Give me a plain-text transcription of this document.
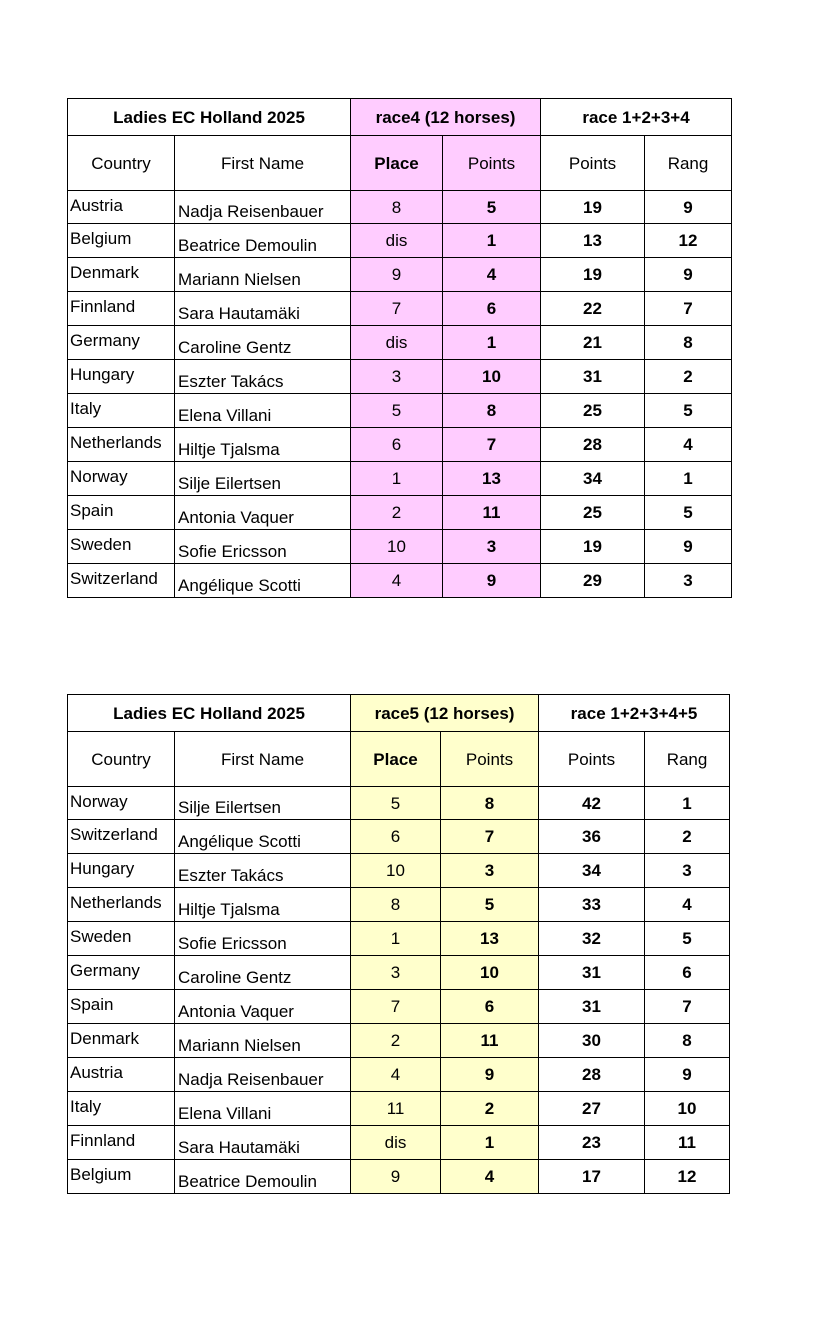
Ladies EC Holland 2025		race4 (12 horses)		race 1+2+3+4	
Country	First Name	Place	Points	Points	Rang
Austria	Nadja Reisenbauer	8	5	19	9
Belgium	Beatrice Demoulin	dis	1	13	12
Denmark	Mariann Nielsen	9	4	19	9
Finnland	Sara Hautamäki	7	6	22	7
Germany	Caroline Gentz	dis	1	21	8
Hungary	Eszter Takács	3	10	31	2
Italy	Elena Villani	5	8	25	5
Netherlands	Hiltje Tjalsma	6	7	28	4
Norway	Silje Eilertsen	1	13	34	1
Spain	Antonia Vaquer	2	11	25	5
Sweden	Sofie Ericsson	10	3	19	9
Switzerland	Angélique Scotti	4	9	29	3
Ladies EC Holland 2025		race5 (12 horses)		race 1+2+3+4+5	
Country	First Name	Place	Points	Points	Rang
Norway	Silje Eilertsen	5	8	42	1
Switzerland	Angélique Scotti	6	7	36	2
Hungary	Eszter Takács	10	3	34	3
Netherlands	Hiltje Tjalsma	8	5	33	4
Sweden	Sofie Ericsson	1	13	32	5
Germany	Caroline Gentz	3	10	31	6
Spain	Antonia Vaquer	7	6	31	7
Denmark	Mariann Nielsen	2	11	30	8
Austria	Nadja Reisenbauer	4	9	28	9
Italy	Elena Villani	11	2	27	10
Finnland	Sara Hautamäki	dis	1	23	11
Belgium	Beatrice Demoulin	9	4	17	12
